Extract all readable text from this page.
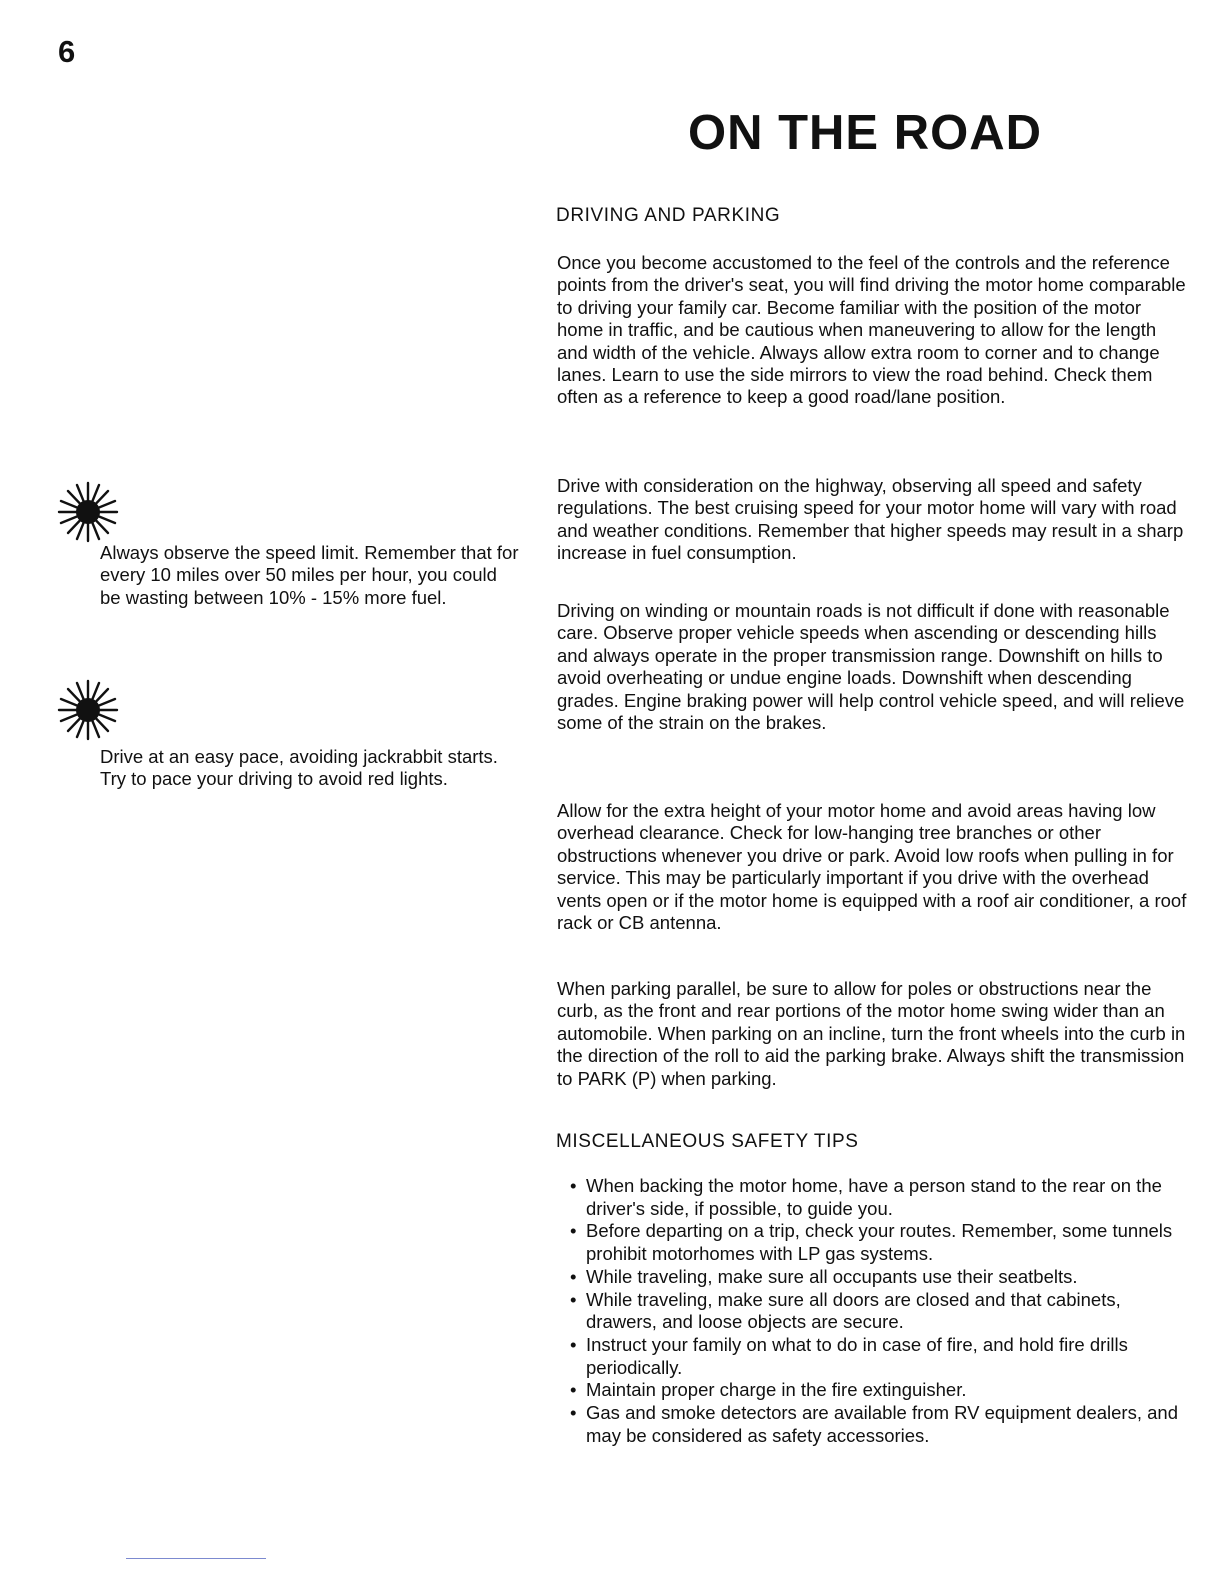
6
ON THE ROAD
DRIVING AND PARKING

Once you become accustomed to the feel of the controls and the reference points from the driver's seat, you will find driving the motor home comparable to driving your family car. Become familiar with the position of the motor home in traffic, and be cautious when maneuvering to allow for the length and width of the vehicle. Always allow extra room to corner and to change lanes. Learn to use the side mirrors to view the road behind. Check them often as a reference to keep a good road/lane position.

Drive with consideration on the highway, observing all speed and safety regulations. The best cruising speed for your motor home will vary with road and weather conditions. Remember that higher speeds may result in a sharp increase in fuel consumption.

Driving on winding or mountain roads is not difficult if done with reasonable care. Observe proper vehicle speeds when ascending or descending hills and always operate in the proper transmission range. Downshift on hills to avoid overheating or undue engine loads. Downshift when descending grades. Engine braking power will help control vehicle speed, and will relieve some of the strain on the brakes.

Allow for the extra height of your motor home and avoid areas having low overhead clearance. Check for low-hanging tree branches or other obstructions whenever you drive or park. Avoid low roofs when pulling in for service. This may be particularly important if you drive with the overhead vents open or if the motor home is equipped with a roof air conditioner, a roof rack or CB antenna.

When parking parallel, be sure to allow for poles or obstructions near the curb, as the front and rear portions of the motor home swing wider than an automobile. When parking on an incline, turn the front wheels into the curb in the direction of the roll to aid the parking brake. Always shift the transmission to PARK (P) when parking.

MISCELLANEOUS SAFETY TIPS
• When backing the motor home, have a person stand to the rear on the driver's side, if possible, to guide you.
• Before departing on a trip, check your routes. Remember, some tunnels prohibit motorhomes with LP gas systems.
• While traveling, make sure all occupants use their seatbelts.
• While traveling, make sure all doors are closed and that cabinets, drawers, and loose objects are secure.
• Instruct your family on what to do in case of fire, and hold fire drills periodically.
• Maintain proper charge in the fire extinguisher.
• Gas and smoke detectors are available from RV equipment dealers, and may be considered as safety accessories.

Always observe the speed limit. Remember that for every 10 miles over 50 miles per hour, you could be wasting between 10% - 15% more fuel.

Drive at an easy pace, avoiding jackrabbit starts. Try to pace your driving to avoid red lights.
